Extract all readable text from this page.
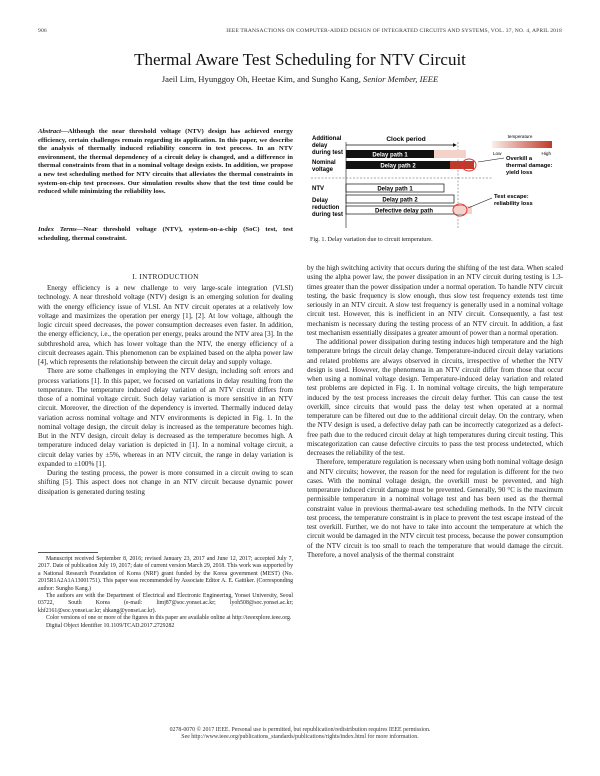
906	IEEE TRANSACTIONS ON COMPUTER-AIDED DESIGN OF INTEGRATED CIRCUITS AND SYSTEMS, VOL. 37, NO. 4, APRIL 2018
Thermal Aware Test Scheduling for NTV Circuit
Jaeil Lim, Hyunggoy Oh, Heetae Kim, and Sungho Kang, Senior Member, IEEE
Abstract—Although the near threshold voltage (NTV) design has achieved energy efficiency, certain challenges remain regarding its application. In this paper, we describe the analysis of thermally induced reliability concern in test process. In an NTV environment, the thermal dependency of a circuit delay is changed, and a difference in thermal constraints from that in a nominal voltage design exists. In addition, we propose a new test scheduling method for NTV circuits that alleviates the thermal constraints in system-on-chip test processes. Our simulation results show that the test time could be reduced while minimizing the reliability loss.
Index Terms—Near threshold voltage (NTV), system-on-a-chip (SoC) test, test scheduling, thermal constraint.
I. INTRODUCTION

Energy efficiency is a new challenge to very large-scale integration (VLSI) technology. A near threshold voltage (NTV) design is an emerging solution for dealing with the energy efficiency issue of VLSI. An NTV circuit operates at a relatively low voltage and maximizes the operation per energy [1], [2]. At low voltage, although the logic circuit speed decreases, the power consumption decreases even faster. In addition, the energy efficiency, i.e., the operation per energy, peaks around the NTV area [3]. In the subthreshold area, which has lower voltage than the NTV, the energy efficiency of a circuit decreases again. This phenomenon can be explained based on the alpha power law [4], which represents the relationship between the circuit delay and supply voltage.

There are some challenges in employing the NTV design, including soft errors and process variations [1]. In this paper, we focused on variations in delay resulting from the temperature. The temperature induced delay variation of an NTV circuit differs from those of a nominal voltage circuit. Such delay variation is more sensitive in an NTV circuit. Moreover, the direction of the dependency is inverted. Thermally induced delay variation across nominal voltage and NTV environments is depicted in Fig. 1. In the nominal voltage design, the circuit delay is increased as the temperature becomes high. But in the NTV design, circuit delay is decreased as the temperature becomes high. A temperature induced delay variation is depicted in [1]. In a nominal voltage circuit, a circuit delay varies by ±5%, whereas in an NTV circuit, the range in delay variation is expanded to ±100% [1].

During the testing process, the power is more consumed in a circuit owing to scan shifting [5]. This aspect does not change in an NTV circuit because dynamic power dissipation is generated during testing

Manuscript received September 8, 2016; revised January 23, 2017 and June 12, 2017; accepted July 7, 2017. Date of publication July 19, 2017; date of current version March 29, 2018. This work was supported by a National Research Foundation of Korea (NRF) grant funded by the Korea government (MEST) (No. 2015R1A2A1A13001751). This paper was recommended by Associate Editor A. E. Gattiker. (Corresponding author: Sungho Kang.)

The authors are with the Department of Electrical and Electronic Engineering, Yonsei University, Seoul 03722, South Korea (e-mail: limj87@soc.yonsei.ac.kr; lyoh508@soc.yonsei.ac.kr; khf2161@soc.yonsei.ac.kr; shkang@yonsei.ac.kr).

Color versions of one or more of the figures in this paper are available online at http://ieeexplore.ieee.org.

Digital Object Identifier 10.1109/TCAD.2017.2729282

Additional
delay
during test
Nominal
voltage
NTV
Delay
reduction
during test
Clock period
Delay path 1
Delay path 2
temperature
Low	High
Overkill a
thermal damage:
yield loss
Delay path 1
Delay path 2
Defective delay path
Test escape:
reliability loss
Fig. 1. Delay variation due to circuit temperature.

by the high switching activity that occurs during the shifting of the test data. When scaled using the alpha power law, the power dissipation in an NTV circuit during testing is 1.3-times greater than the power dissipation under a normal operation. To handle NTV circuit testing, the basic frequency is slow enough, thus slow test frequency extends test time seriously in an NTV circuit. A slow test frequency is generally used in a nominal voltage circuit test. However, this is inefficient in an NTV circuit. Consequently, a fast test mechanism is necessary during the testing process of an NTV circuit. In addition, a fast test mechanism essentially dissipates a greater amount of power than a normal operation.

The additional power dissipation during testing induces high temperature and the high temperature brings the circuit delay change. Temperature-induced circuit delay variations and related problems are always observed in circuits, irrespective of whether the NTV design is used. However, the phenomena in an NTV circuit differ from those that occur when using a nominal voltage design. Temperature-induced delay variation and related test problems are depicted in Fig. 1. In nominal voltage circuits, the high temperature induced by the test process increases the circuit delay further. This can cause the test overkill, since circuits that would pass the delay test when operated at a normal temperature can be filtered out due to the additional circuit delay. On the contrary, when the NTV design is used, a defective delay path can be incorrectly categorized as a defect-free path due to the reduced circuit delay at high temperatures during circuit testing. This miscategorization can cause defective circuits to pass the test process undetected, which decreases the reliability of the test.

Therefore, temperature regulation is necessary when using both nominal voltage design and NTV circuits; however, the reason for the need for regulation is different for the two cases. With the nominal voltage design, the overkill must be prevented, and high temperature induced circuit damage must be prevented. Generally, 90 °C is the maximum permissible temperature in a nominal voltage test and has been used as the thermal constraint value in previous thermal-aware test scheduling methods. In the NTV circuit test process, the temperature constraint is in place to prevent the test escape instead of the test overkill. Further, we do not have to take into account the temperature at which the circuit would be damaged in the NTV circuit test process, because the power consumption of the NTV circuit is too small to reach the temperature that would damage the circuit. Therefore, a novel analysis of the thermal constraint

0278-0070 © 2017 IEEE. Personal use is permitted, but republication/redistribution requires IEEE permission.
See http://www.ieee.org/publications_standards/publications/rights/index.html for more information.
